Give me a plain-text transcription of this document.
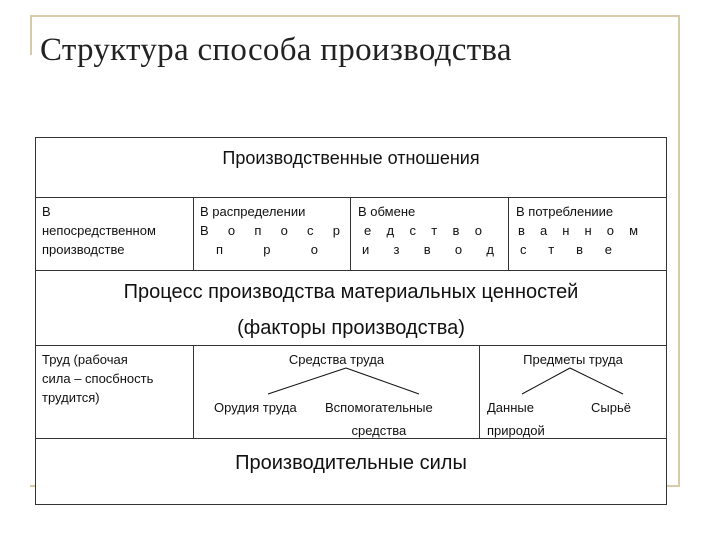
Структура способа производства
Производственные отношения
Процесс производства материальных ценностей
(факторы производства)
Производительные силы
В
непосредственном
производстве
В распределении
В о п о с р
п	р	о
В обмене
е д с т в о
и з в о д
В потреблениие
в а н н о м
с т в е
Труд (рабочая
сила – спосбность
трудится)
Средства труда
Орудия труда Вспомогательные
средства
Предметы труда
Данные
природой
Сырьё
